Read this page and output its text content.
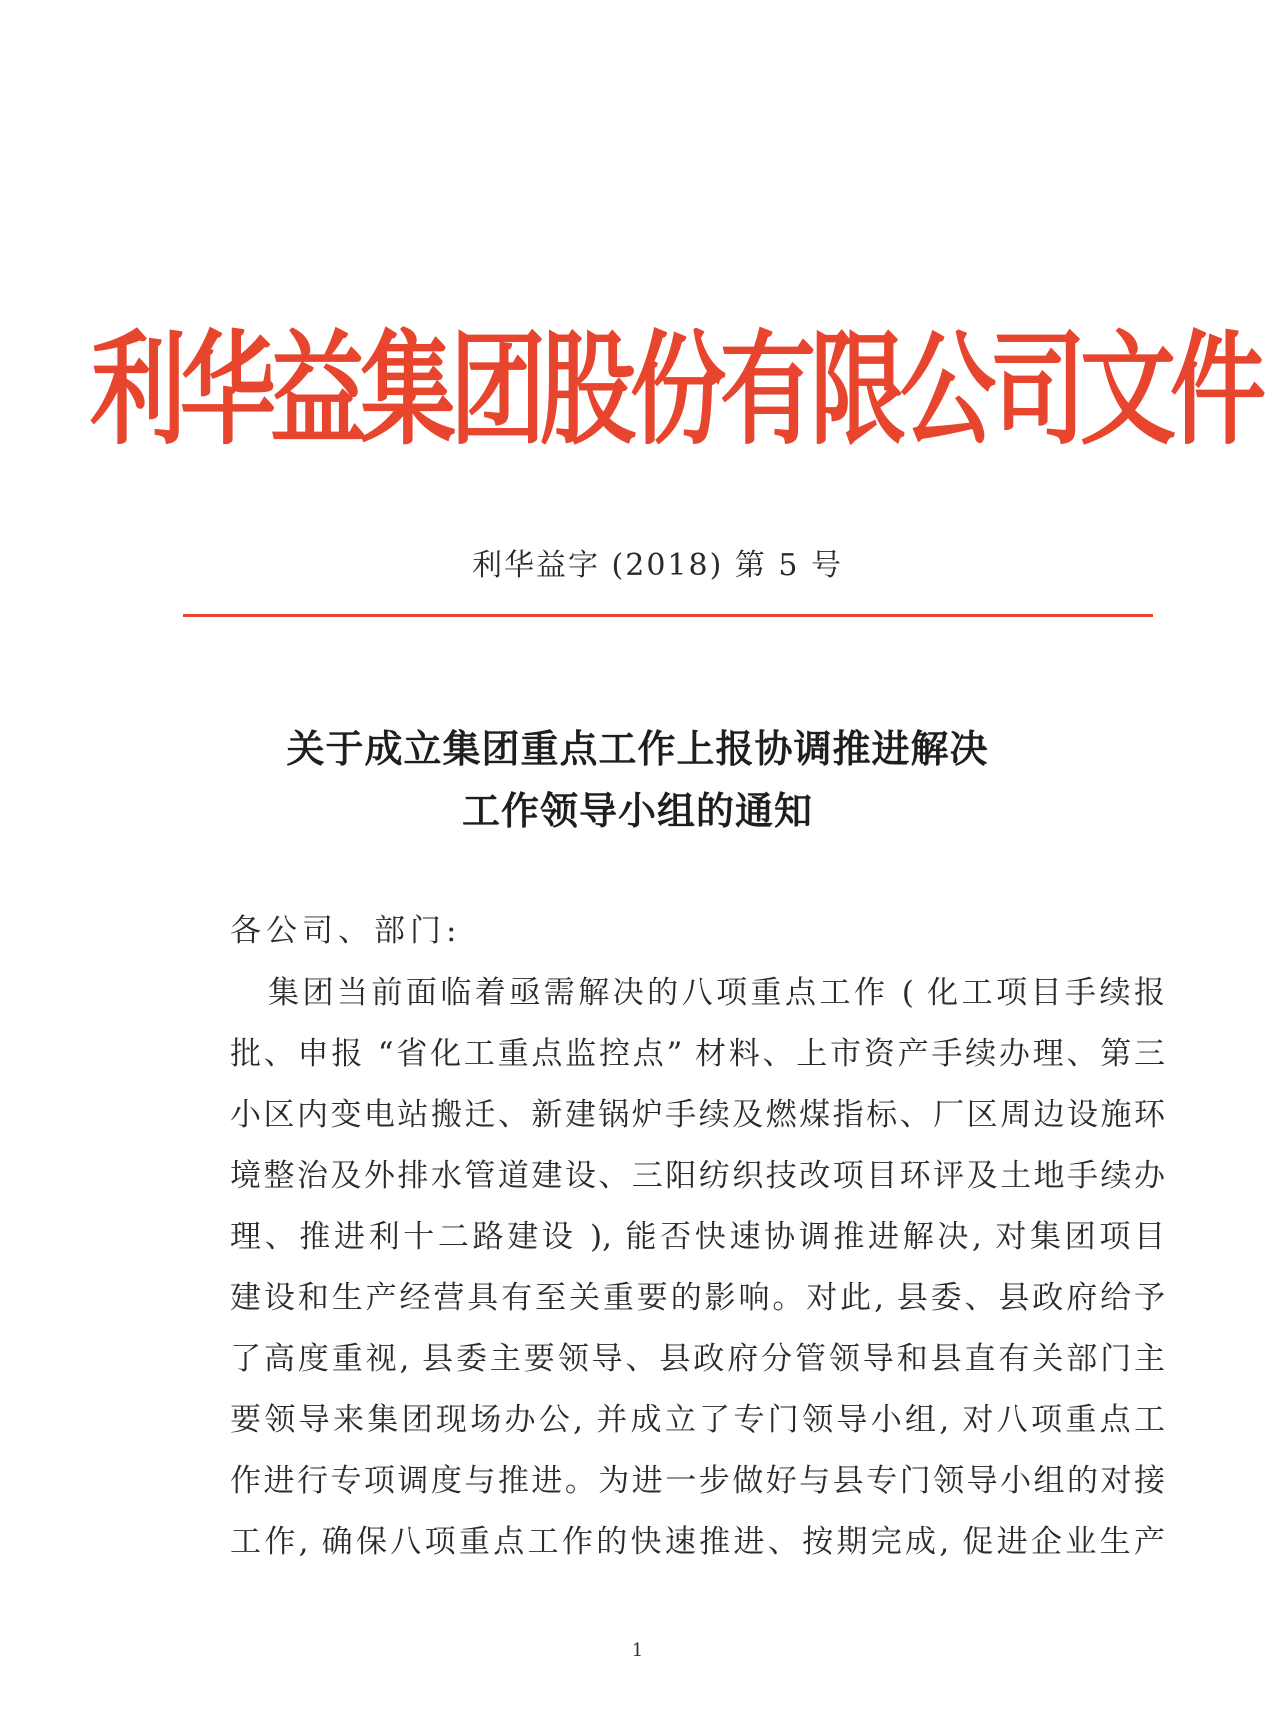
利华益集团股份有限公司文件
利华益字 (2018) 第 5 号
关于成立集团重点工作上报协调推进解决
工作领导小组的通知
各公司、部门:
集团当前面临着亟需解决的八项重点工作 ( 化工项目手续报
批、申报 “省化工重点监控点” 材料、上市资产手续办理、第三
小区内变电站搬迁、新建锅炉手续及燃煤指标、厂区周边设施环
境整治及外排水管道建设、三阳纺织技改项目环评及土地手续办
理、推进利十二路建设 ), 能否快速协调推进解决, 对集团项目
建设和生产经营具有至关重要的影响。对此, 县委、县政府给予
了高度重视, 县委主要领导、县政府分管领导和县直有关部门主
要领导来集团现场办公, 并成立了专门领导小组, 对八项重点工
作进行专项调度与推进。为进一步做好与县专门领导小组的对接
工作, 确保八项重点工作的快速推进、按期完成, 促进企业生产
1
